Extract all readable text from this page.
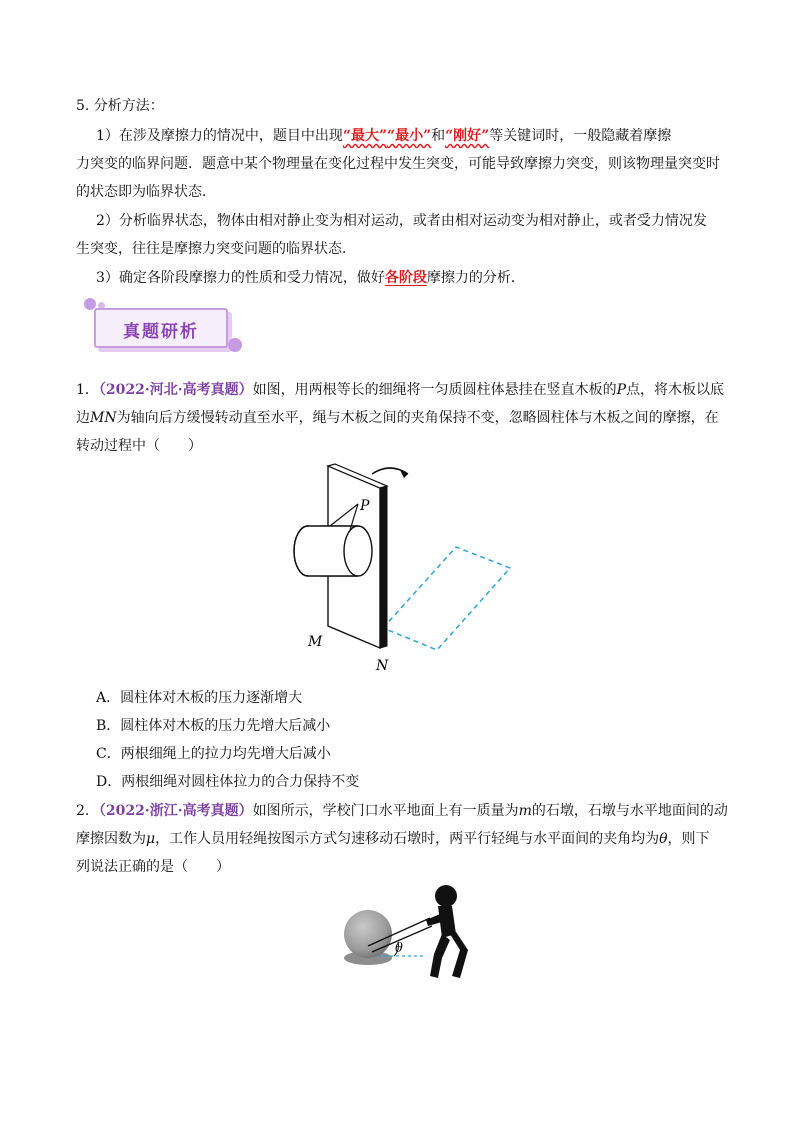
5. 分析方法：
1）在涉及摩擦力的情况中，题目中出现“最大”“最小”和“刚好”等关键词时，一般隐藏着摩擦
力突变的临界问题．题意中某个物理量在变化过程中发生突变，可能导致摩擦力突变，则该物理量突变时
的状态即为临界状态．
2）分析临界状态，物体由相对静止变为相对运动，或者由相对运动变为相对静止，或者受力情况发
生突变，往往是摩擦力突变问题的临界状态．
3）确定各阶段摩擦力的性质和受力情况，做好各阶段摩擦力的分析．
真题研析
1．（2022·河北·高考真题）如图，用两根等长的细绳将一匀质圆柱体悬挂在竖直木板的P点，将木板以底
边MN为轴向后方缓慢转动直至水平，绳与木板之间的夹角保持不变，忽略圆柱体与木板之间的摩擦，在
转动过程中（　　）
P
M
N
A．圆柱体对木板的压力逐渐增大
B．圆柱体对木板的压力先增大后减小
C．两根细绳上的拉力均先增大后减小
D．两根细绳对圆柱体拉力的合力保持不变
2．（2022·浙江·高考真题）如图所示，学校门口水平地面上有一质量为m的石墩，石墩与水平地面间的动
摩擦因数为μ，工作人员用轻绳按图示方式匀速移动石墩时，两平行轻绳与水平面间的夹角均为θ，则下
列说法正确的是（　　）
θ
